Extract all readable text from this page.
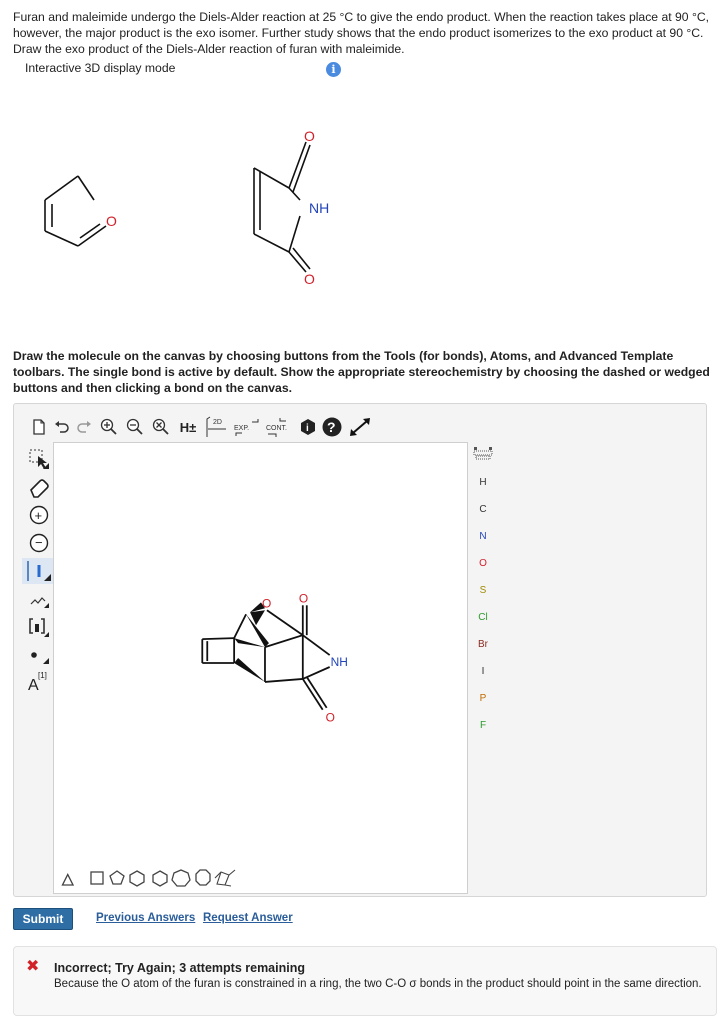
Furan and maleimide undergo the Diels-Alder reaction at 25 °C to give the endo product. When the reaction takes place at 90 °C, however, the major product is the exo isomer. Further study shows that the endo product isomerizes to the exo product at 90 °C. Draw the exo product of the Diels-Alder reaction of furan with maleimide.
Interactive 3D display mode	i
O
O
NH
O
Draw the molecule on the canvas by choosing buttons from the Tools (for bonds), Atoms, and Advanced Template toolbars. The single bond is active by default. Show the appropriate stereochemistry by choosing the dashed or wedged buttons and then clicking a bond on the canvas.
H±	2D
EXP. CONT. i ?
+
−
A
[1]
O O
NH
O
H
C
N
O
S
Cl
Br
I
P
F
Submit	Previous Answers Request Answer
✖ Incorrect; Try Again; 3 attempts remaining
Because the O atom of the furan is constrained in a ring, the two C-O σ bonds in the product should point in the same direction.
